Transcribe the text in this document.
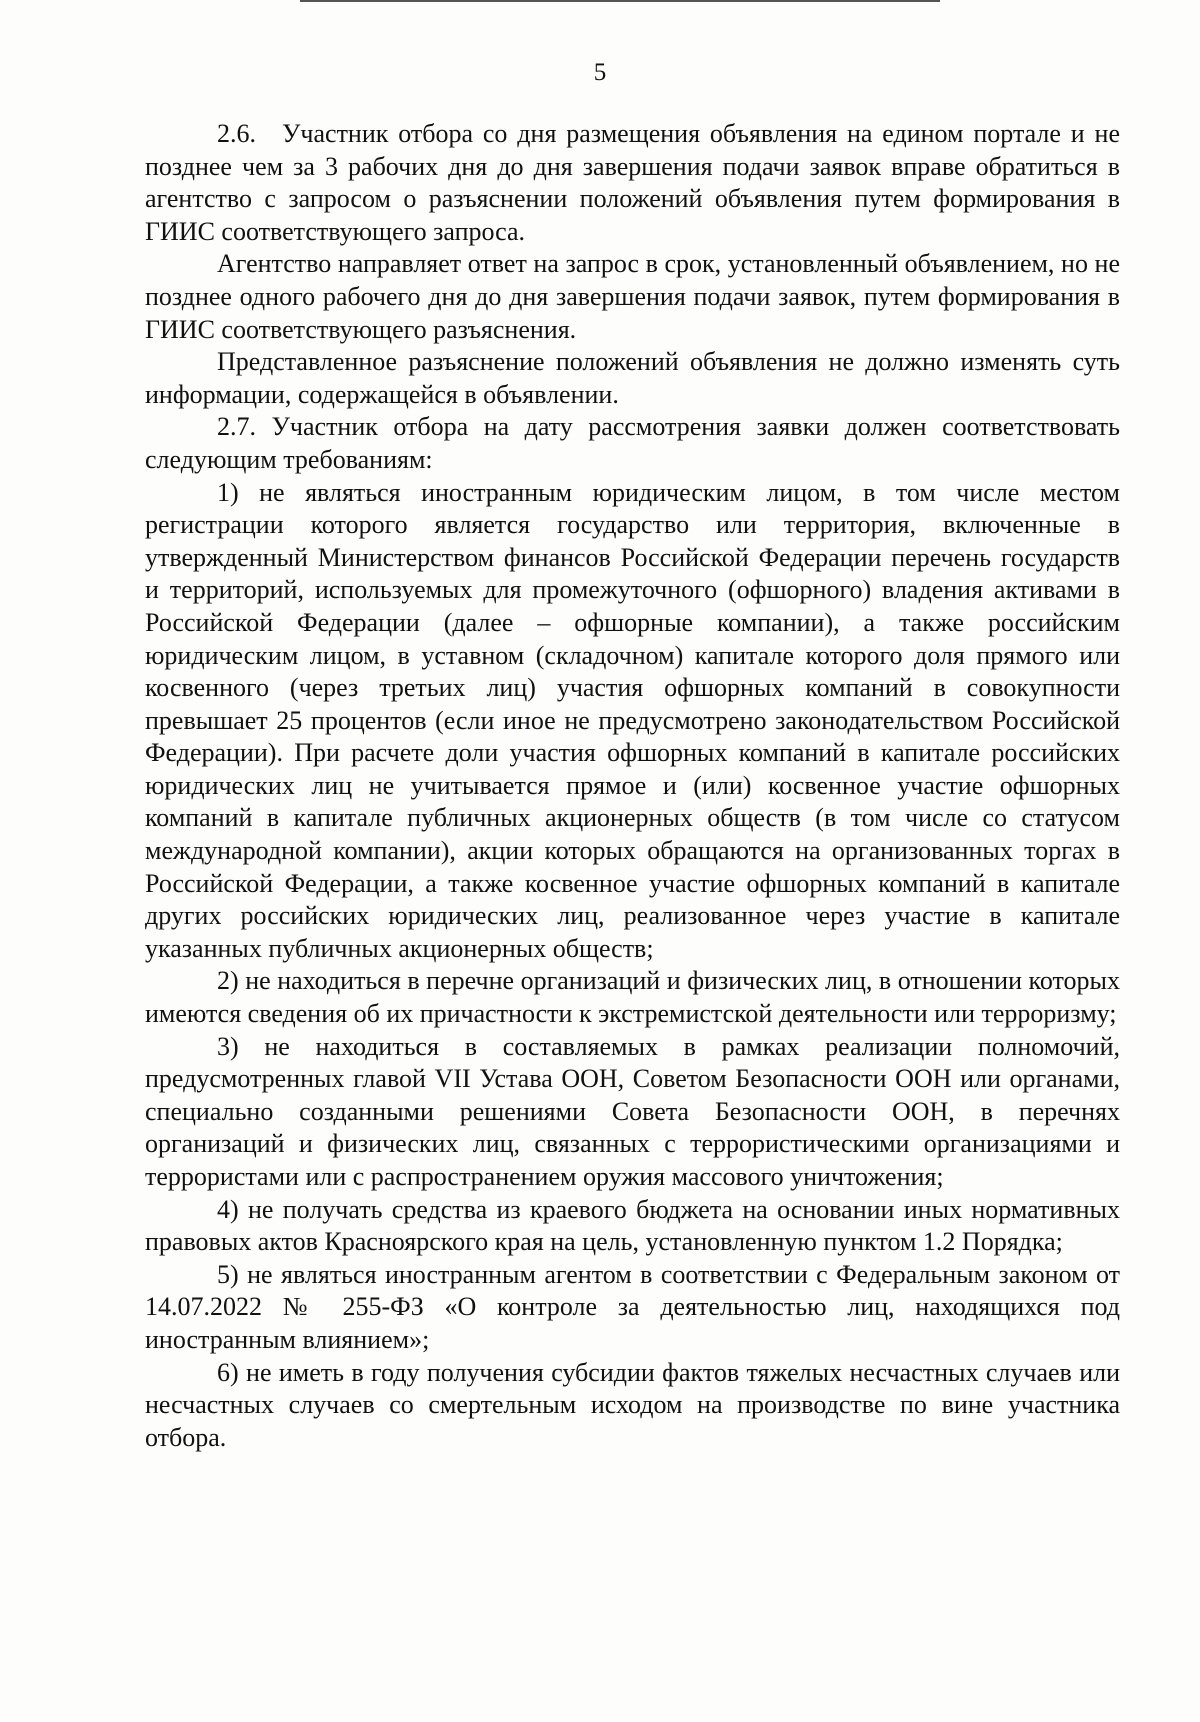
5

2.6. Участник отбора со дня размещения объявления на едином портале и не позднее чем за 3 рабочих дня до дня завершения подачи заявок вправе обратиться в агентство с запросом о разъяснении положений объявления путем формирования в ГИИС соответствующего запроса.

Агентство направляет ответ на запрос в срок, установленный объявлением, но не позднее одного рабочего дня до дня завершения подачи заявок, путем формирования в ГИИС соответствующего разъяснения.

Представленное разъяснение положений объявления не должно изменять суть информации, содержащейся в объявлении.

2.7. Участник отбора на дату рассмотрения заявки должен соответствовать следующим требованиям:

1) не являться иностранным юридическим лицом, в том числе местом регистрации которого является государство или территория, включенные в утвержденный Министерством финансов Российской Федерации перечень государств и территорий, используемых для промежуточного (офшорного) владения активами в Российской Федерации (далее – офшорные компании), а также российским юридическим лицом, в уставном (складочном) капитале которого доля прямого или косвенного (через третьих лиц) участия офшорных компаний в совокупности превышает 25 процентов (если иное не предусмотрено законодательством Российской Федерации). При расчете доли участия офшорных компаний в капитале российских юридических лиц не учитывается прямое и (или) косвенное участие офшорных компаний в капитале публичных акционерных обществ (в том числе со статусом международной компании), акции которых обращаются на организованных торгах в Российской Федерации, а также косвенное участие офшорных компаний в капитале других российских юридических лиц, реализованное через участие в капитале указанных публичных акционерных обществ;

2) не находиться в перечне организаций и физических лиц, в отношении которых имеются сведения об их причастности к экстремистской деятельности или терроризму;

3) не находиться в составляемых в рамках реализации полномочий, предусмотренных главой VII Устава ООН, Советом Безопасности ООН или органами, специально созданными решениями Совета Безопасности ООН, в перечнях организаций и физических лиц, связанных с террористическими организациями и террористами или с распространением оружия массового уничтожения;

4) не получать средства из краевого бюджета на основании иных нормативных правовых актов Красноярского края на цель, установленную пунктом 1.2 Порядка;

5) не являться иностранным агентом в соответствии с Федеральным законом от 14.07.2022 № 255-ФЗ «О контроле за деятельностью лиц, находящихся под иностранным влиянием»;

6) не иметь в году получения субсидии фактов тяжелых несчастных случаев или несчастных случаев со смертельным исходом на производстве по вине участника отбора.
